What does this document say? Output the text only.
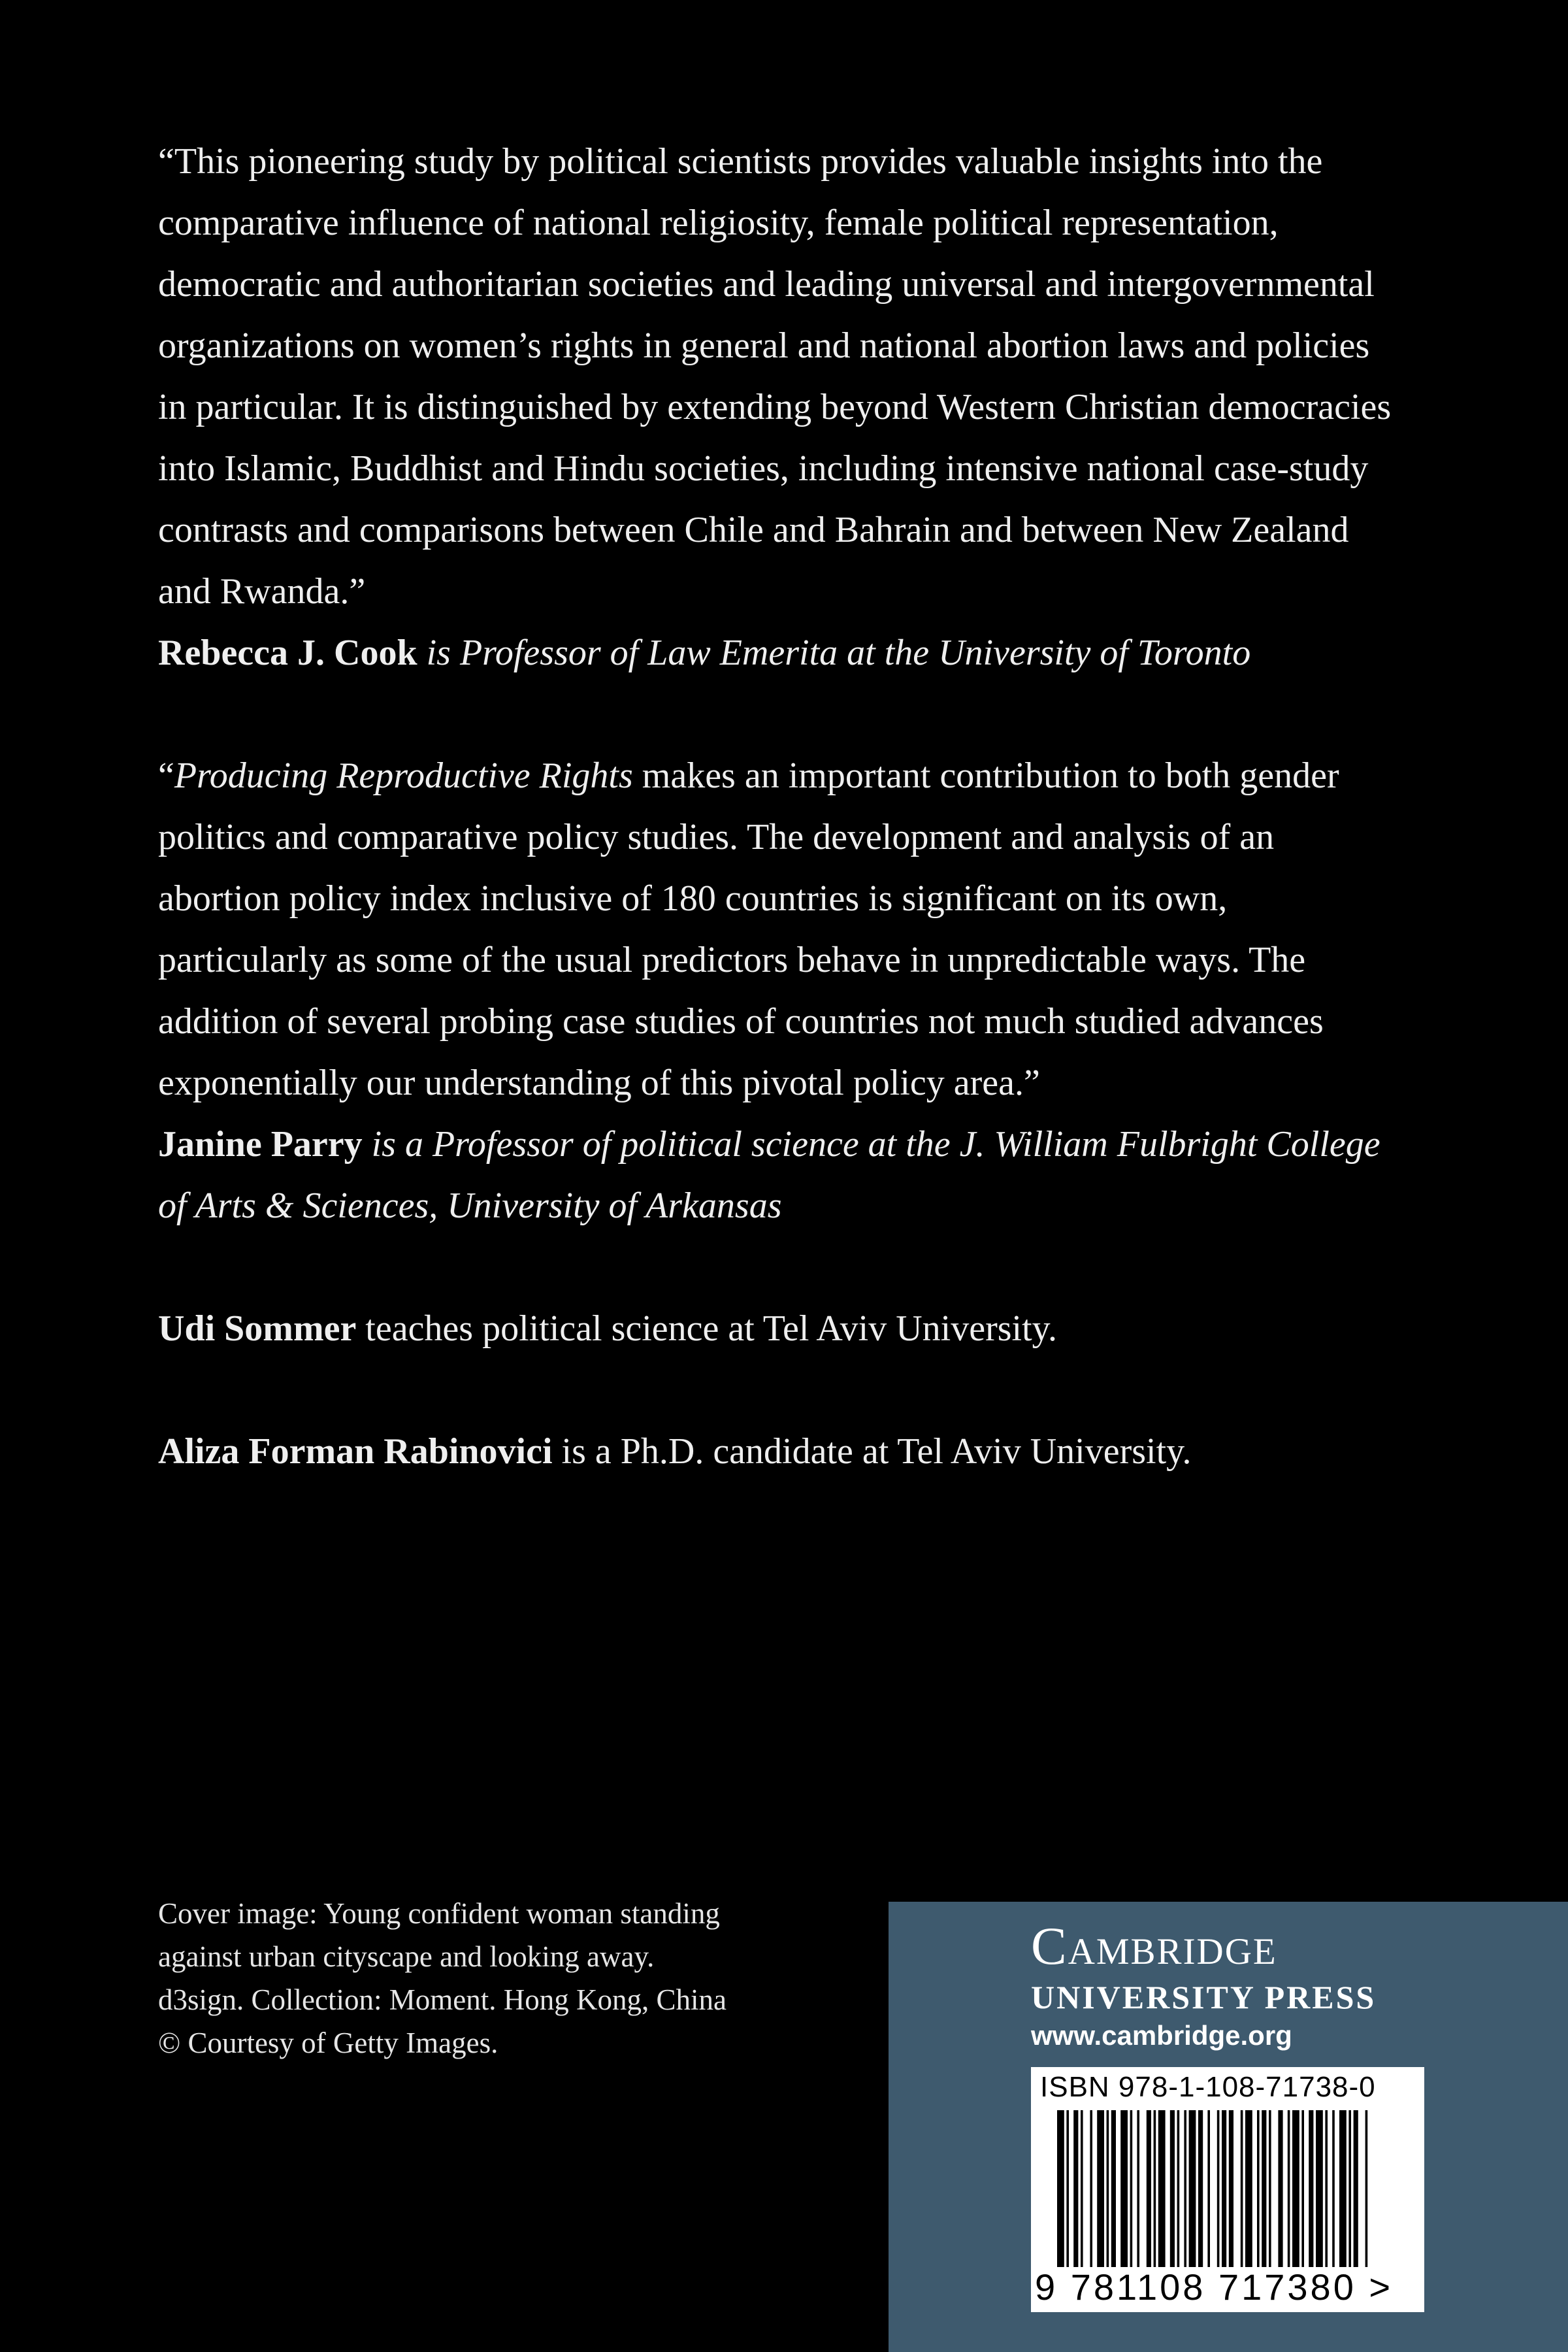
“This pioneering study by political scientists provides valuable insights into the comparative influence of national religiosity, female political representation, democratic and authoritarian societies and leading universal and intergovernmental organizations on women’s rights in general and national abortion laws and policies in particular. It is distinguished by extending beyond Western Christian democracies into Islamic, Buddhist and Hindu societies, including intensive national case-study contrasts and comparisons between Chile and Bahrain and between New Zealand and Rwanda.”

Rebecca J. Cook is Professor of Law Emerita at the University of Toronto

“Producing Reproductive Rights makes an important contribution to both gender politics and comparative policy studies. The development and analysis of an abortion policy index inclusive of 180 countries is significant on its own, particularly as some of the usual predictors behave in unpredictable ways. The addition of several probing case studies of countries not much studied advances exponentially our understanding of this pivotal policy area.”

Janine Parry is a Professor of political science at the J. William Fulbright College of Arts & Sciences, University of Arkansas

Udi Sommer teaches political science at Tel Aviv University.

Aliza Forman Rabinovici is a Ph.D. candidate at Tel Aviv University.

Cover image: Young confident woman standing

against urban cityscape and looking away.

d3sign. Collection: Moment. Hong Kong, China

© Courtesy of Getty Images.

Cambridge
UNIVERSITY PRESS
www.cambridge.org
ISBN 978-1-108-71738-0
9 781108 717380 >
